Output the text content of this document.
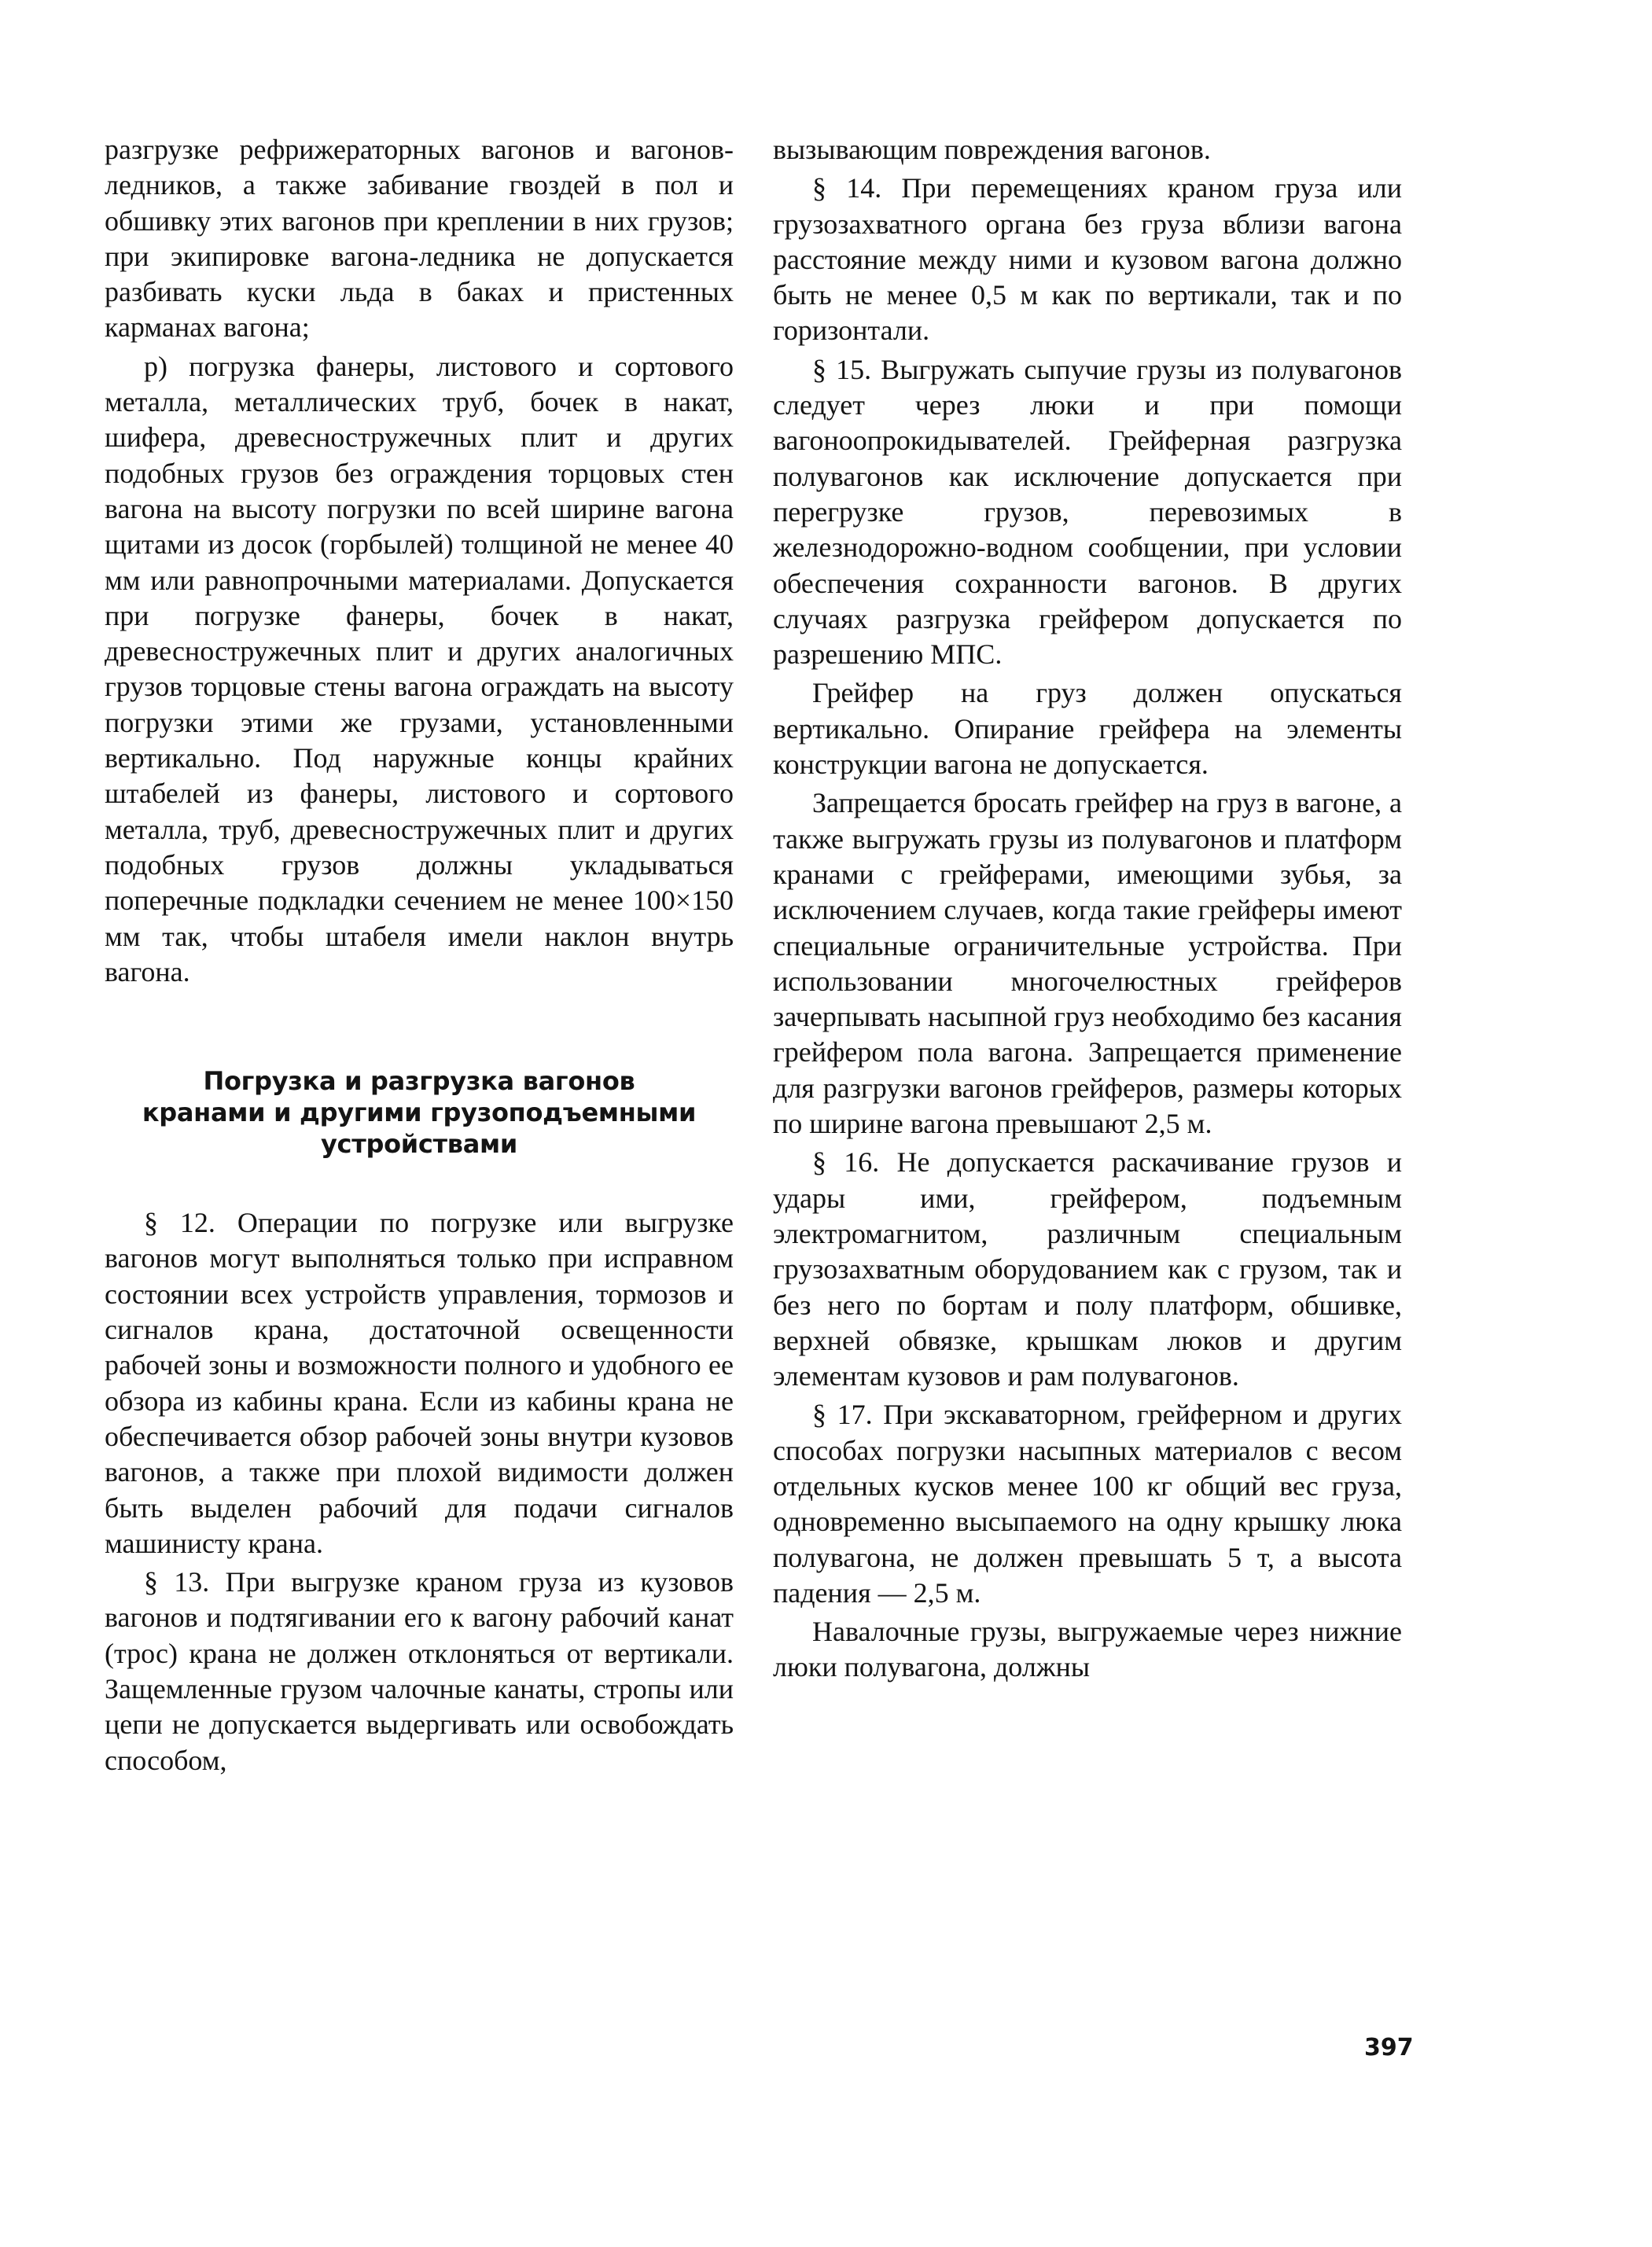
разгрузке рефрижераторных вагонов и вагонов-ледников, а также забивание гвоздей в пол и обшивку этих вагонов при креплении в них грузов; при экипировке вагона-ледника не допускается разбивать куски льда в баках и пристенных карманах вагона;

р) погрузка фанеры, листового и сортового металла, металлических труб, бочек в накат, шифера, древесностружечных плит и других подобных грузов без ограждения торцовых стен вагона на высоту погрузки по всей ширине вагона щитами из досок (горбылей) толщиной не менее 40 мм или равнопрочными материалами. Допускается при погрузке фанеры, бочек в накат, древесностружечных плит и других аналогичных грузов торцовые стены вагона ограждать на высоту погрузки этими же грузами, установленными вертикально. Под наружные концы крайних штабелей из фанеры, листового и сортового металла, труб, древесностружечных плит и других подобных грузов должны укладываться поперечные подкладки сечением не менее 100×150 мм так, чтобы штабеля имели наклон внутрь вагона.

Погрузка и разгрузка вагонов
кранами и другими грузоподъемными
устройствами

§ 12. Операции по погрузке или выгрузке вагонов могут выполняться только при исправном состоянии всех устройств управления, тормозов и сигналов крана, достаточной освещенности рабочей зоны и возможности полного и удобного ее обзора из кабины крана. Если из кабины крана не обеспечивается обзор рабочей зоны внутри кузовов вагонов, а также при плохой видимости должен быть выделен рабочий для подачи сигналов машинисту крана.

§ 13. При выгрузке краном груза из кузовов вагонов и подтягивании его к вагону рабочий канат (трос) крана не должен отклоняться от вертикали. Защемленные грузом чалочные канаты, стропы или цепи не допускается выдергивать или освобождать способом,

вызывающим повреждения вагонов.

§ 14. При перемещениях краном груза или грузозахватного органа без груза вблизи вагона расстояние между ними и кузовом вагона должно быть не менее 0,5 м как по вертикали, так и по горизонтали.

§ 15. Выгружать сыпучие грузы из полувагонов следует через люки и при помощи вагоноопрокидывателей. Грейферная разгрузка полувагонов как исключение допускается при перегрузке грузов, перевозимых в железнодорожно-водном сообщении, при условии обеспечения сохранности вагонов. В других случаях разгрузка грейфером допускается по разрешению МПС.

Грейфер на груз должен опускаться вертикально. Опирание грейфера на элементы конструкции вагона не допускается.

Запрещается бросать грейфер на груз в вагоне, а также выгружать грузы из полувагонов и платформ кранами с грейферами, имеющими зубья, за исключением случаев, когда такие грейферы имеют специальные ограничительные устройства. При использовании многочелюстных грейферов зачерпывать насыпной груз необходимо без касания грейфером пола вагона. Запрещается применение для разгрузки вагонов грейферов, размеры которых по ширине вагона превышают 2,5 м.

§ 16. Не допускается раскачивание грузов и удары ими, грейфером, подъемным электромагнитом, различным специальным грузозахватным оборудованием как с грузом, так и без него по бортам и полу платформ, обшивке, верхней обвязке, крышкам люков и другим элементам кузовов и рам полувагонов.

§ 17. При экскаваторном, грейферном и других способах погрузки насыпных материалов с весом отдельных кусков менее 100 кг общий вес груза, одновременно высыпаемого на одну крышку люка полувагона, не должен превышать 5 т, а высота падения — 2,5 м.

Навалочные грузы, выгружаемые через нижние люки полувагона, должны

397
